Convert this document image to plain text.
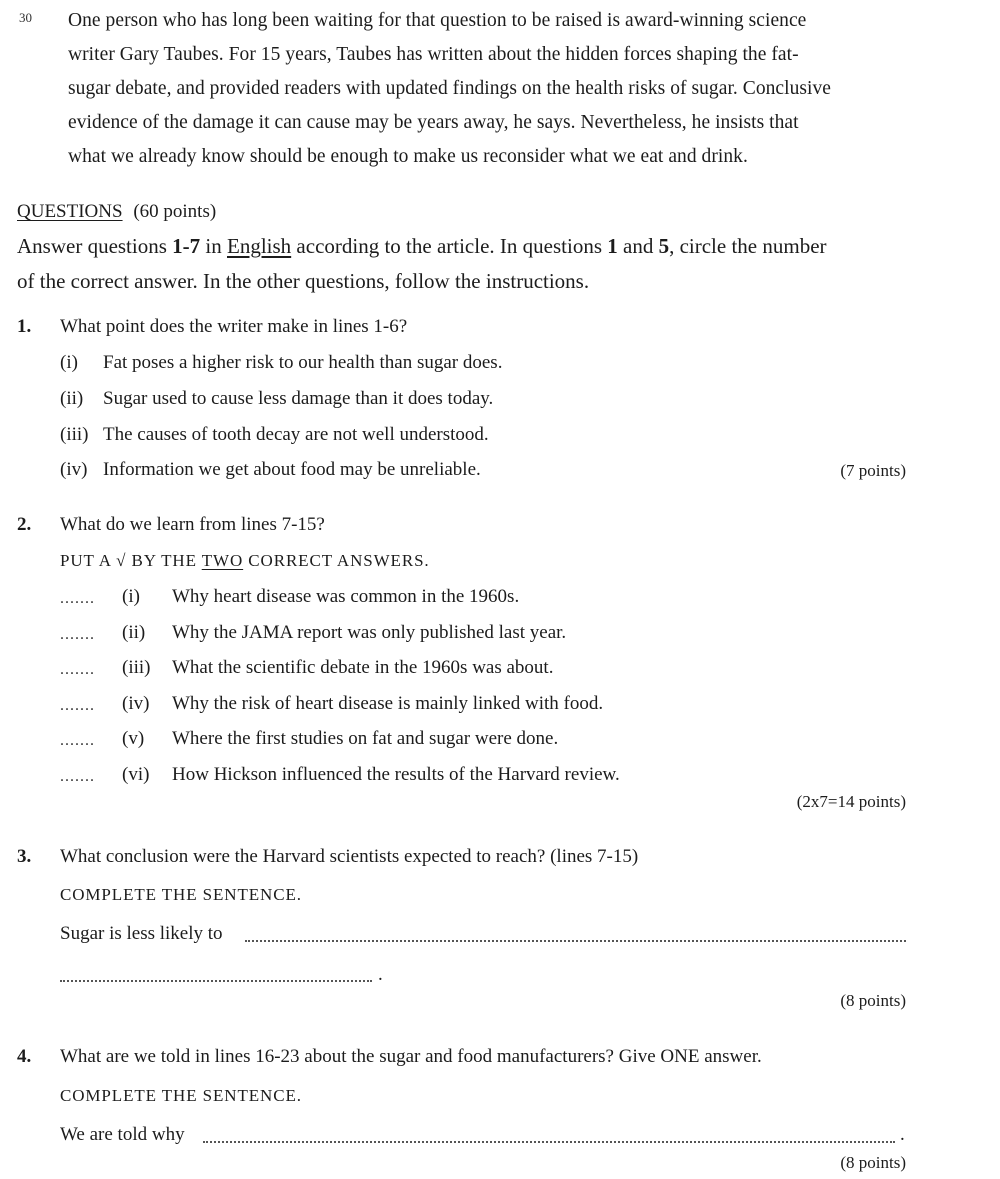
30 One person who has long been waiting for that question to be raised is award-winning science
writer Gary Taubes. For 15 years, Taubes has written about the hidden forces shaping the fat-
sugar debate, and provided readers with updated findings on the health risks of sugar. Conclusive
evidence of the damage it can cause may be years away, he says. Nevertheless, he insists that
what we already know should be enough to make us reconsider what we eat and drink.
QUESTIONS (60 points)
Answer questions 1-7 in English according to the article. In questions 1 and 5, circle the number
of the correct answer. In the other questions, follow the instructions.
1. What point does the writer make in lines 1-6?
(i) Fat poses a higher risk to our health than sugar does.
(ii) Sugar used to cause less damage than it does today.
(iii) The causes of tooth decay are not well understood.
(iv) Information we get about food may be unreliable.	(7 points)
2. What do we learn from lines 7-15?
PUT A √ BY THE TWO CORRECT ANSWERS.
....... (i) Why heart disease was common in the 1960s.
....... (ii) Why the JAMA report was only published last year.
....... (iii) What the scientific debate in the 1960s was about.
....... (iv) Why the risk of heart disease is mainly linked with food.
....... (v) Where the first studies on fat and sugar were done.
....... (vi) How Hickson influenced the results of the Harvard review.
(2x7=14 points)
3. What conclusion were the Harvard scientists expected to reach? (lines 7-15)
COMPLETE THE SENTENCE.
Sugar is less likely to
.
(8 points)
4. What are we told in lines 16-23 about the sugar and food manufacturers? Give ONE answer.
COMPLETE THE SENTENCE.
We are told why	.
(8 points)
